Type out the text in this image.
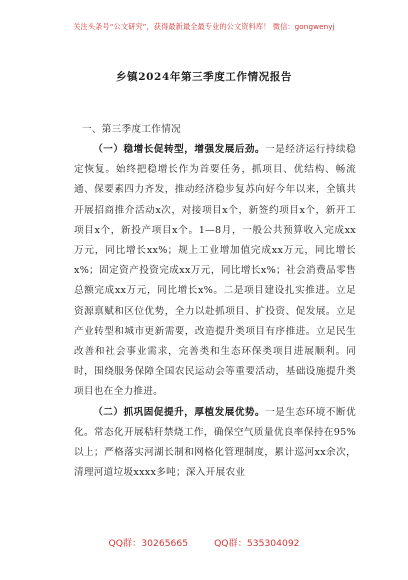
关注头条号“公文研究”，获得最新最全最专业的公文资料库！ 微信：gongwenyj
乡镇2024年第三季度工作情况报告

一、第三季度工作情况

（一）稳增长促转型，增强发展后劲。一是经济运行持续稳定恢复。始终把稳增长作为首要任务，抓项目、优结构、畅流通、保要素四力齐发，推动经济稳步复苏向好今年以来，全镇共开展招商推介活动x次，对接项目x个，新签约项目x个，新开工项目x个，新投产项目x个。1—8月，一般公共预算收入完成xx万元，同比增长xx%；规上工业增加值完成xx万元，同比增长x%；固定资产投资完成xx万元，同比增长x%；社会消费品零售总额完成xx万元，同比增长x%。二是项目建设扎实推进。立足资源禀赋和区位优势，全力以赴抓项目、扩投资、促发展。立足产业转型和城市更新需要，改造提升类项目有序推进。立足民生改善和社会事业需求，完善类和生态环保类项目进展顺利。同时，围绕服务保障全国农民运动会等重要活动，基础设施提升类项目也在全力推进。

（二）抓巩固促提升，厚植发展优势。一是生态环境不断优化。常态化开展秸秆禁烧工作，确保空气质量优良率保持在95%以上；严格落实河湖长制和网格化管理制度，累计巡河xx余次，清理河道垃圾xxxx多吨；深入开展农业

QQ群：30265665	QQ群：535304092
